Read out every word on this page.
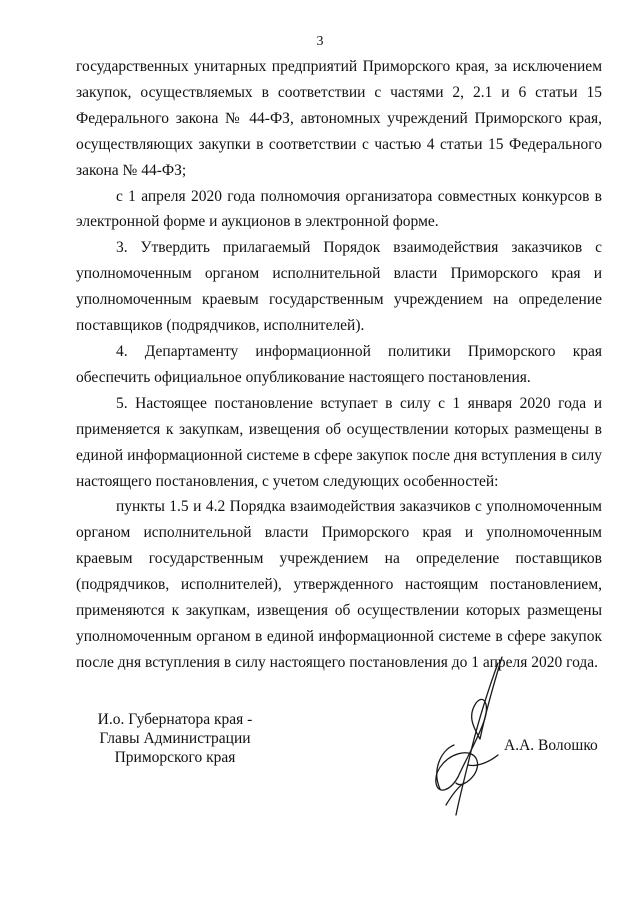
3

государственных унитарных предприятий Приморского края, за исключением закупок, осуществляемых в соответствии с частями 2, 2.1 и 6 статьи 15 Федерального закона № 44-ФЗ, автономных учреждений Приморского края, осуществляющих закупки в соответствии с частью 4 статьи 15 Федерального закона № 44-ФЗ;

с 1 апреля 2020 года полномочия организатора совместных конкурсов в электронной форме и аукционов в электронной форме.

3. Утвердить прилагаемый Порядок взаимодействия заказчиков с уполномоченным органом исполнительной власти Приморского края и уполномоченным краевым государственным учреждением на определение поставщиков (подрядчиков, исполнителей).

4. Департаменту информационной политики Приморского края обеспечить официальное опубликование настоящего постановления.

5. Настоящее постановление вступает в силу с 1 января 2020 года и применяется к закупкам, извещения об осуществлении которых размещены в единой информационной системе в сфере закупок после дня вступления в силу настоящего постановления, с учетом следующих особенностей:

пункты 1.5 и 4.2 Порядка взаимодействия заказчиков с уполномоченным органом исполнительной власти Приморского края и уполномоченным краевым государственным учреждением на определение поставщиков (подрядчиков, исполнителей), утвержденного настоящим постановлением, применяются к закупкам, извещения об осуществлении которых размещены уполномоченным органом в единой информационной системе в сфере закупок после дня вступления в силу настоящего постановления до 1 апреля 2020 года.

И.о. Губернатора края -
Главы Администрации
Приморского края
А.А. Волошко
